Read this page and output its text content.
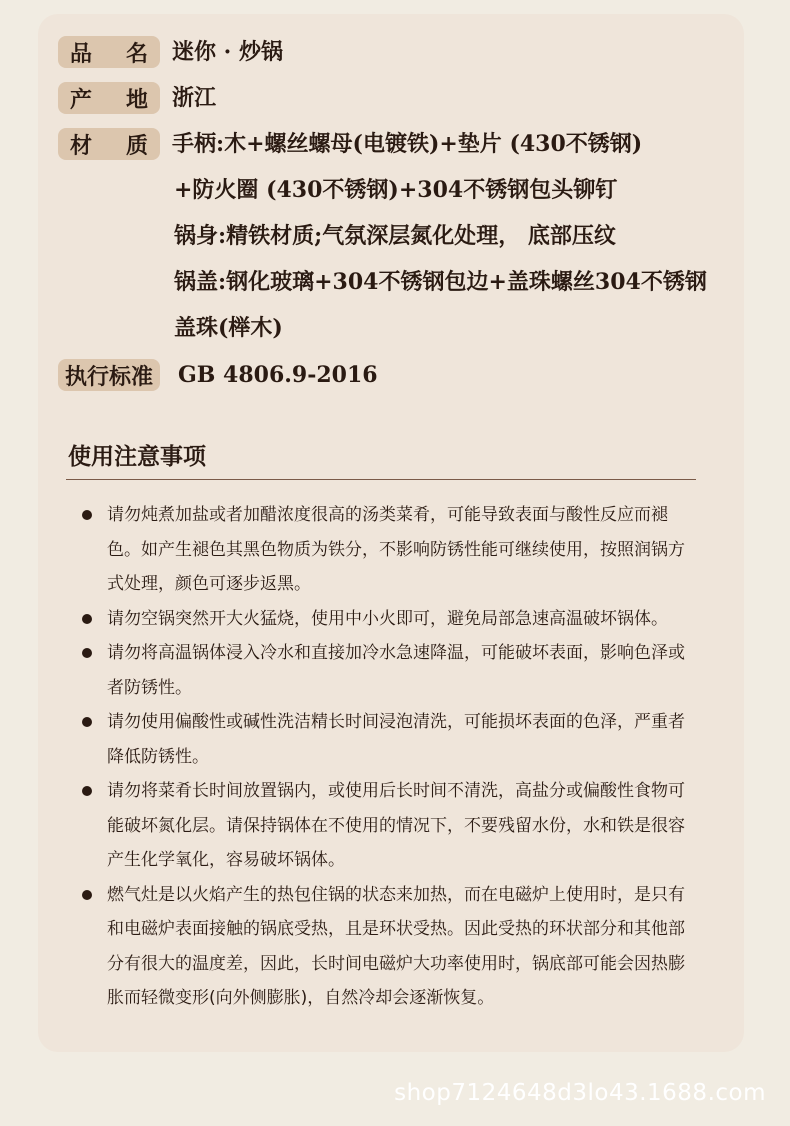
品 名 迷你 · 炒锅
产 地 浙江
材 质 手柄:木+螺丝螺母(电镀铁)+垫片 (430不锈钢)
+防火圈 (430不锈钢)+304不锈钢包头铆钉
锅身:精铁材质;气氛深层氮化处理， 底部压纹
锅盖:钢化玻璃+304不锈钢包边+盖珠螺丝304不锈钢
盖珠(榉木)
执行标准	GB 4806.9-2016
使用注意事项
请勿炖煮加盐或者加醋浓度很高的汤类菜肴，可能导致表面与酸性反应而褪色。如产生褪色其黑色物质为铁分，不影响防锈性能可继续使用，按照润锅方式处理，颜色可逐步返黑。
请勿空锅突然开大火猛烧，使用中小火即可，避免局部急速高温破坏锅体。
请勿将高温锅体浸入冷水和直接加冷水急速降温，可能破坏表面，影响色泽或者防锈性。
请勿使用偏酸性或碱性洗洁精长时间浸泡清洗，可能损坏表面的色泽，严重者降低防锈性。
请勿将菜肴长时间放置锅内，或使用后长时间不清洗，高盐分或偏酸性食物可能破坏氮化层。请保持锅体在不使用的情况下，不要残留水份，水和铁是很容产生化学氧化，容易破坏锅体。
燃气灶是以火焰产生的热包住锅的状态来加热，而在电磁炉上使用时，是只有和电磁炉表面接触的锅底受热，且是环状受热。因此受热的环状部分和其他部分有很大的温度差，因此，长时间电磁炉大功率使用时，锅底部可能会因热膨胀而轻微变形(向外侧膨胀)，自然冷却会逐渐恢复。
shop7124648d3lo43.1688.com
